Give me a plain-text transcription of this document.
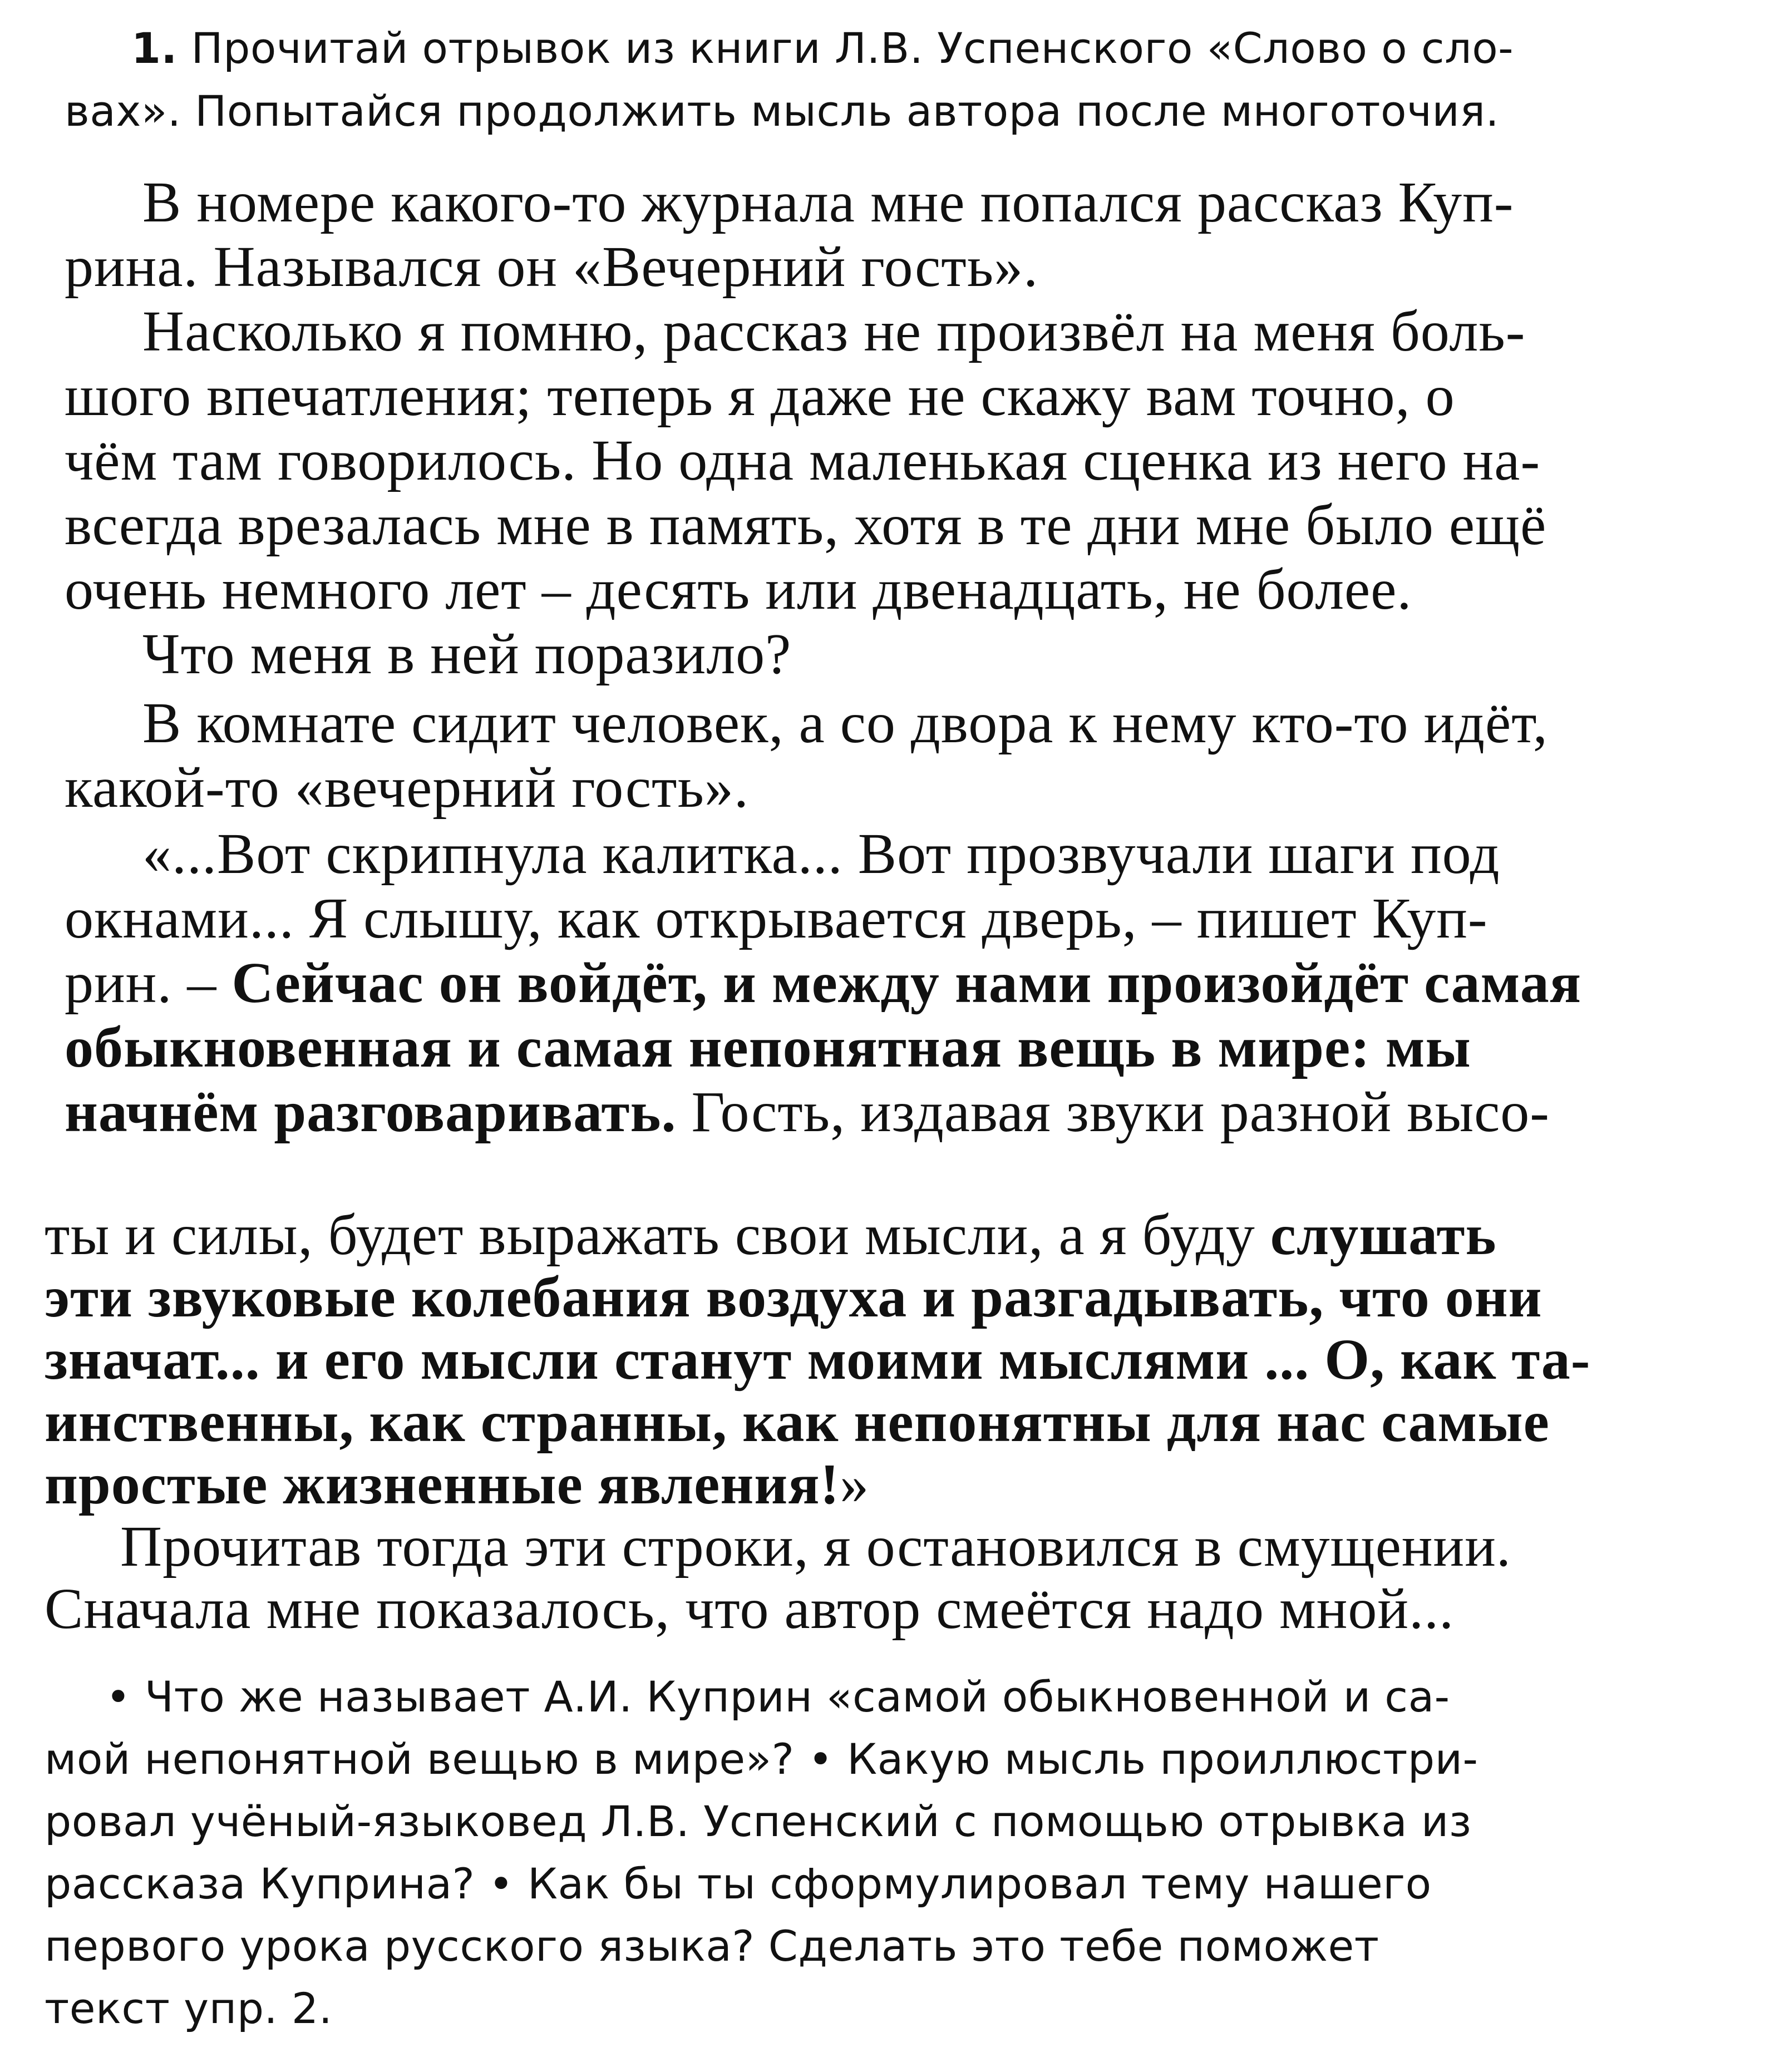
1. Прочитай отрывок из книги Л.В. Успенского «Слово о сло-
вах». Попытайся продолжить мысль автора после многоточия.
В номере какого-то журнала мне попался рассказ Куп-
рина. Назывался он «Вечерний гость».
Насколько я помню, рассказ не произвёл на меня боль-
шого впечатления; теперь я даже не скажу вам точно, о
чём там говорилось. Но одна маленькая сценка из него на-
всегда врезалась мне в память, хотя в те дни мне было ещё
очень немного лет – десять или двенадцать, не более.
Что меня в ней поразило?
В комнате сидит человек, а со двора к нему кто-то идёт,
какой-то «вечерний гость».
«...Вот скрипнула калитка... Вот прозвучали шаги под
окнами... Я слышу, как открывается дверь, – пишет Куп-
рин. – Сейчас он войдёт, и между нами произойдёт самая
обыкновенная и самая непонятная вещь в мире: мы
начнём разговаривать. Гость, издавая звуки разной высо-
ты и силы, будет выражать свои мысли, а я буду слушать
эти звуковые колебания воздуха и разгадывать, что они
значат... и его мысли станут моими мыслями ... О, как та-
инственны, как странны, как непонятны для нас самые
простые жизненные явления!»
Прочитав тогда эти строки, я остановился в смущении.
Сначала мне показалось, что автор смеётся надо мной...
• Что же называет А.И. Куприн «самой обыкновенной и са-
мой непонятной вещью в мире»? • Какую мысль проиллюстри-
ровал учёный-языковед Л.В. Успенский с помощью отрывка из
рассказа Куприна? • Как бы ты сформулировал тему нашего
первого урока русского языка? Сделать это тебе поможет
текст упр. 2.
